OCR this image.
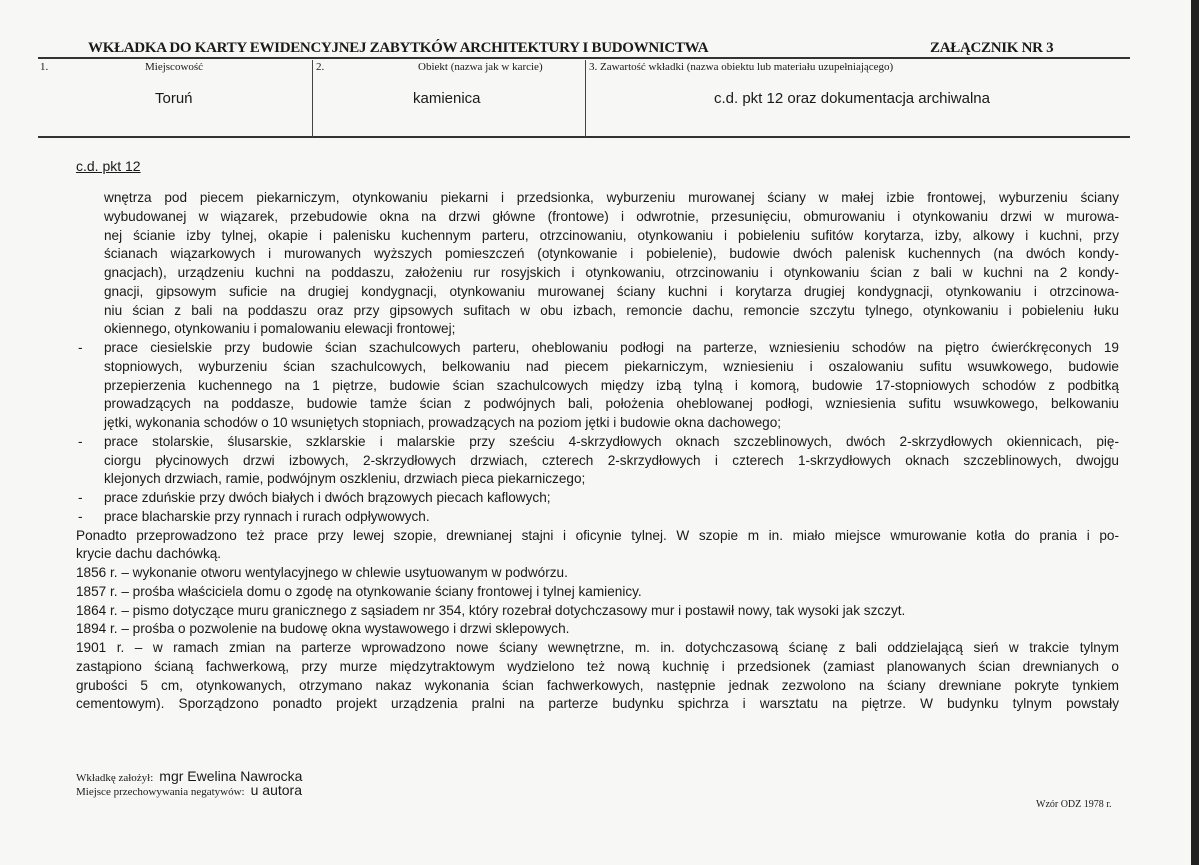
WKŁADKA DO KARTY EWIDENCYJNEJ ZABYTKÓW ARCHITEKTURY I BUDOWNICTWA	ZAŁĄCZNIK NR 3
1.	Miejscowość
Toruń
2.	Obiekt (nazwa jak w karcie)
kamienica
3. Zawartość wkładki (nazwa obiektu lub materiału uzupełniającego)
c.d. pkt 12 oraz dokumentacja archiwalna
c.d. pkt 12
wnętrza pod piecem piekarniczym, otynkowaniu piekarni i przedsionka, wyburzeniu murowanej ściany w małej izbie frontowej, wyburzeniu ściany
wybudowanej w wiązarek, przebudowie okna na drzwi główne (frontowe) i odwrotnie, przesunięciu, obmurowaniu i otynkowaniu drzwi w murowa-
nej ścianie izby tylnej, okapie i palenisku kuchennym parteru, otrzcinowaniu, otynkowaniu i pobieleniu sufitów korytarza, izby, alkowy i kuchni, przy
ścianach wiązarkowych i murowanych wyższych pomieszczeń (otynkowanie i pobielenie), budowie dwóch palenisk kuchennych (na dwóch kondy-
gnacjach), urządzeniu kuchni na poddaszu, założeniu rur rosyjskich i otynkowaniu, otrzcinowaniu i otynkowaniu ścian z bali w kuchni na 2 kondy-
gnacji, gipsowym suficie na drugiej kondygnacji, otynkowaniu murowanej ściany kuchni i korytarza drugiej kondygnacji, otynkowaniu i otrzcinowa-
niu ścian z bali na poddaszu oraz przy gipsowych sufitach w obu izbach, remoncie dachu, remoncie szczytu tylnego, otynkowaniu i pobieleniu łuku
okiennego, otynkowaniu i pomalowaniu elewacji frontowej;
- prace ciesielskie przy budowie ścian szachulcowych parteru, oheblowaniu podłogi na parterze, wzniesieniu schodów na piętro ćwierćkręconych 19
stopniowych, wyburzeniu ścian szachulcowych, belkowaniu nad piecem piekarniczym, wzniesieniu i oszalowaniu sufitu wsuwkowego, budowie
przepierzenia kuchennego na 1 piętrze, budowie ścian szachulcowych między izbą tylną i komorą, budowie 17-stopniowych schodów z podbitką
prowadzących na poddasze, budowie tamże ścian z podwójnych bali, położenia oheblowanej podłogi, wzniesienia sufitu wsuwkowego, belkowaniu
jętki, wykonania schodów o 10 wsuniętych stopniach, prowadzących na poziom jętki i budowie okna dachowego;
- prace stolarskie, ślusarskie, szklarskie i malarskie przy sześciu 4-skrzydłowych oknach szczeblinowych, dwóch 2-skrzydłowych okiennicach, pię-
ciorgu płycinowych drzwi izbowych, 2-skrzydłowych drzwiach, czterech 2-skrzydłowych i czterech 1-skrzydłowych oknach szczeblinowych, dwojgu
klejonych drzwiach, ramie, podwójnym oszkleniu, drzwiach pieca piekarniczego;
- prace zduńskie przy dwóch białych i dwóch brązowych piecach kaflowych;
- prace blacharskie przy rynnach i rurach odpływowych.
Ponadto przeprowadzono też prace przy lewej szopie, drewnianej stajni i oficynie tylnej. W szopie m in. miało miejsce wmurowanie kotła do prania i po-
krycie dachu dachówką.
1856 r. – wykonanie otworu wentylacyjnego w chlewie usytuowanym w podwórzu.
1857 r. – prośba właściciela domu o zgodę na otynkowanie ściany frontowej i tylnej kamienicy.
1864 r. – pismo dotyczące muru granicznego z sąsiadem nr 354, który rozebrał dotychczasowy mur i postawił nowy, tak wysoki jak szczyt.
1894 r. – prośba o pozwolenie na budowę okna wystawowego i drzwi sklepowych.
1901 r. – w ramach zmian na parterze wprowadzono nowe ściany wewnętrzne, m. in. dotychczasową ścianę z bali oddzielającą sień w trakcie tylnym
zastąpiono ścianą fachwerkową, przy murze międzytraktowym wydzielono też nową kuchnię i przedsionek (zamiast planowanych ścian drewnianych o
grubości 5 cm, otynkowanych, otrzymano nakaz wykonania ścian fachwerkowych, następnie jednak zezwolono na ściany drewniane pokryte tynkiem
cementowym). Sporządzono ponadto projekt urządzenia pralni na parterze budynku spichrza i warsztatu na piętrze. W budynku tylnym powstały
Wkładkę założył: mgr Ewelina Nawrocka
Miejsce przechowywania negatywów: u autora
Wzór ODZ 1978 r.
